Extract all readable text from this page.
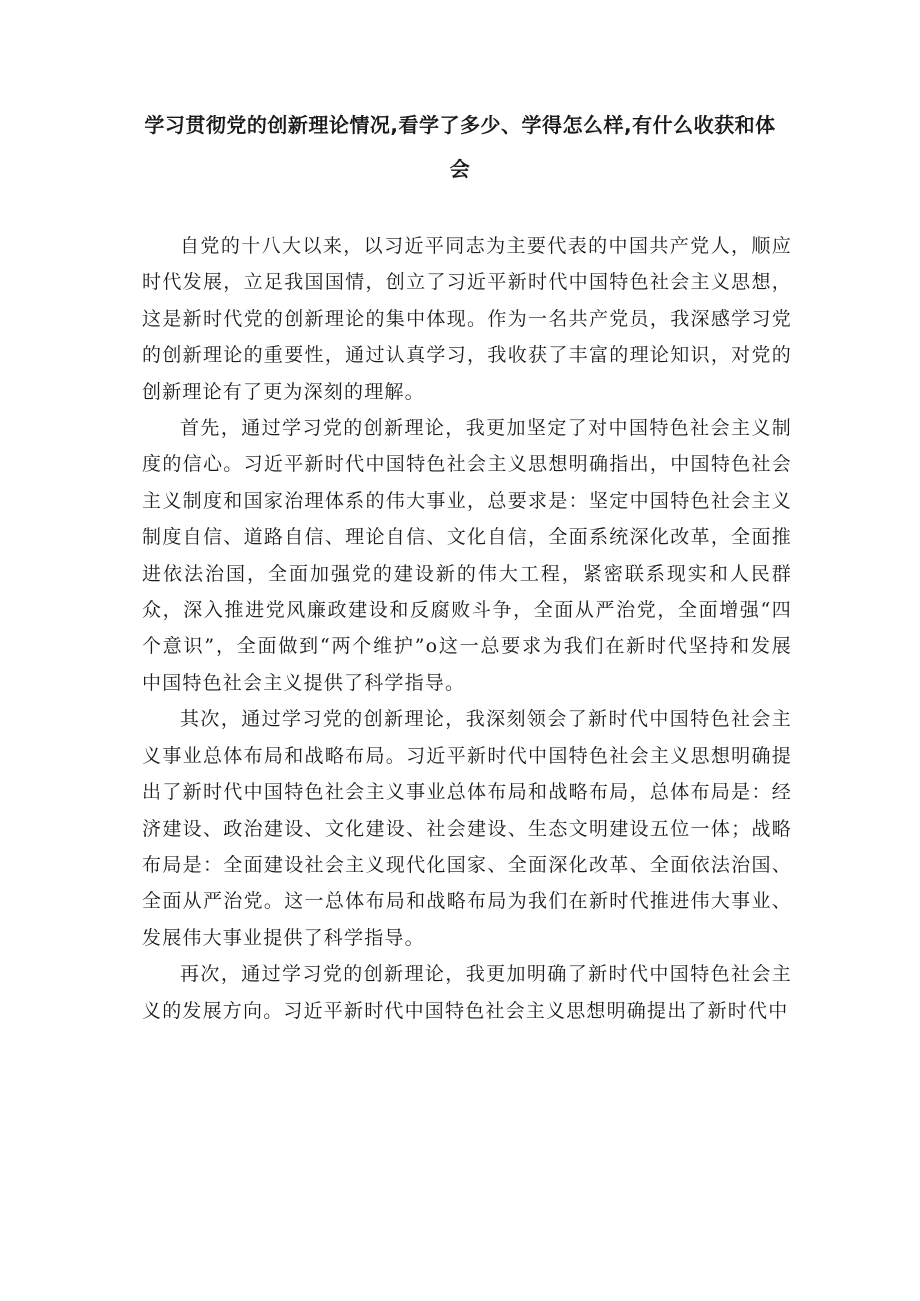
学习贯彻党的创新理论情况,看学了多少、学得怎么样,有什么收获和体会

自党的十八大以来，以习近平同志为主要代表的中国共产党人，顺应时代发展，立足我国国情，创立了习近平新时代中国特色社会主义思想，这是新时代党的创新理论的集中体现。作为一名共产党员，我深感学习党的创新理论的重要性，通过认真学习，我收获了丰富的理论知识，对党的创新理论有了更为深刻的理解。

首先，通过学习党的创新理论，我更加坚定了对中国特色社会主义制度的信心。习近平新时代中国特色社会主义思想明确指出，中国特色社会主义制度和国家治理体系的伟大事业，总要求是：坚定中国特色社会主义制度自信、道路自信、理论自信、文化自信，全面系统深化改革，全面推进依法治国，全面加强党的建设新的伟大工程，紧密联系现实和人民群众，深入推进党风廉政建设和反腐败斗争，全面从严治党，全面增强“四个意识”，全面做到“两个维护”o这一总要求为我们在新时代坚持和发展中国特色社会主义提供了科学指导。

其次，通过学习党的创新理论，我深刻领会了新时代中国特色社会主义事业总体布局和战略布局。习近平新时代中国特色社会主义思想明确提出了新时代中国特色社会主义事业总体布局和战略布局，总体布局是：经济建设、政治建设、文化建设、社会建设、生态文明建设五位一体；战略布局是：全面建设社会主义现代化国家、全面深化改革、全面依法治国、全面从严治党。这一总体布局和战略布局为我们在新时代推进伟大事业、发展伟大事业提供了科学指导。

再次，通过学习党的创新理论，我更加明确了新时代中国特色社会主义的发展方向。习近平新时代中国特色社会主义思想明确提出了新时代中
